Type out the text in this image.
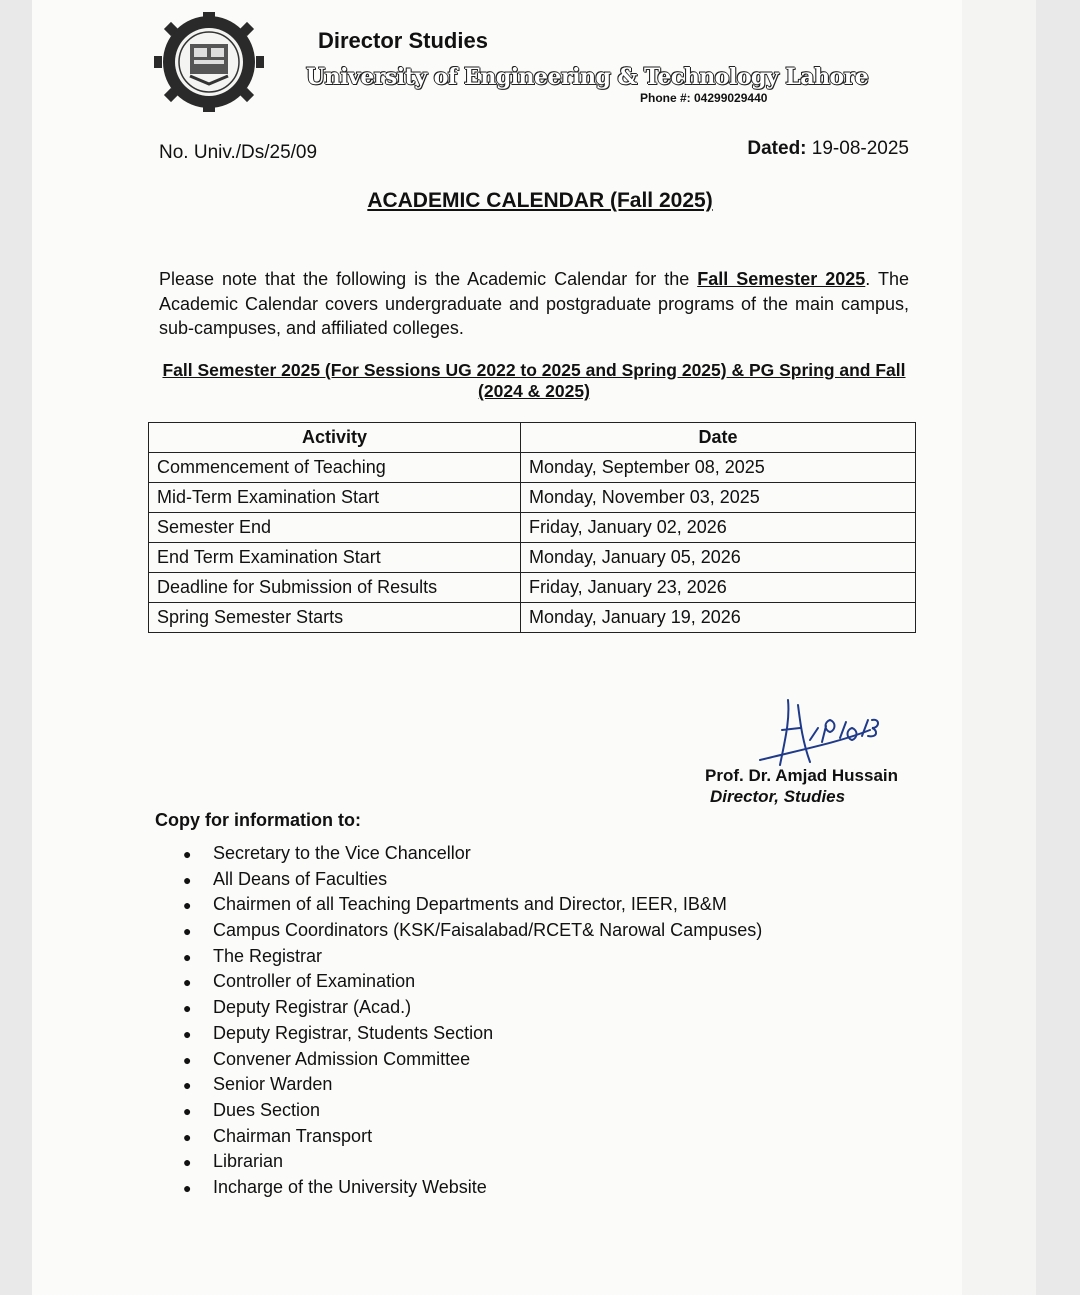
Director Studies
University of Engineering & Technology Lahore
Phone #: 04299029440
No. Univ./Ds/25/09	Dated: 19-08-2025
ACADEMIC CALENDAR (Fall 2025)
Please note that the following is the Academic Calendar for the Fall Semester 2025. The Academic Calendar covers undergraduate and postgraduate programs of the main campus, sub-campuses, and affiliated colleges.
Fall Semester 2025 (For Sessions UG 2022 to 2025 and Spring 2025) & PG Spring and Fall (2024 & 2025)
Activity	Date
Commencement of Teaching	Monday, September 08, 2025
Mid-Term Examination Start	Monday, November 03, 2025
Semester End	Friday, January 02, 2026
End Term Examination Start	Monday, January 05, 2026
Deadline for Submission of Results	Friday, January 23, 2026
Spring Semester Starts	Monday, January 19, 2026
Prof. Dr. Amjad Hussain
Director, Studies
Copy for information to:
● Secretary to the Vice Chancellor
● All Deans of Faculties
● Chairmen of all Teaching Departments and Director, IEER, IB&M
● Campus Coordinators (KSK/Faisalabad/RCET& Narowal Campuses)
● The Registrar
● Controller of Examination
● Deputy Registrar (Acad.)
● Deputy Registrar, Students Section
● Convener Admission Committee
● Senior Warden
● Dues Section
● Chairman Transport
● Librarian
● Incharge of the University Website
